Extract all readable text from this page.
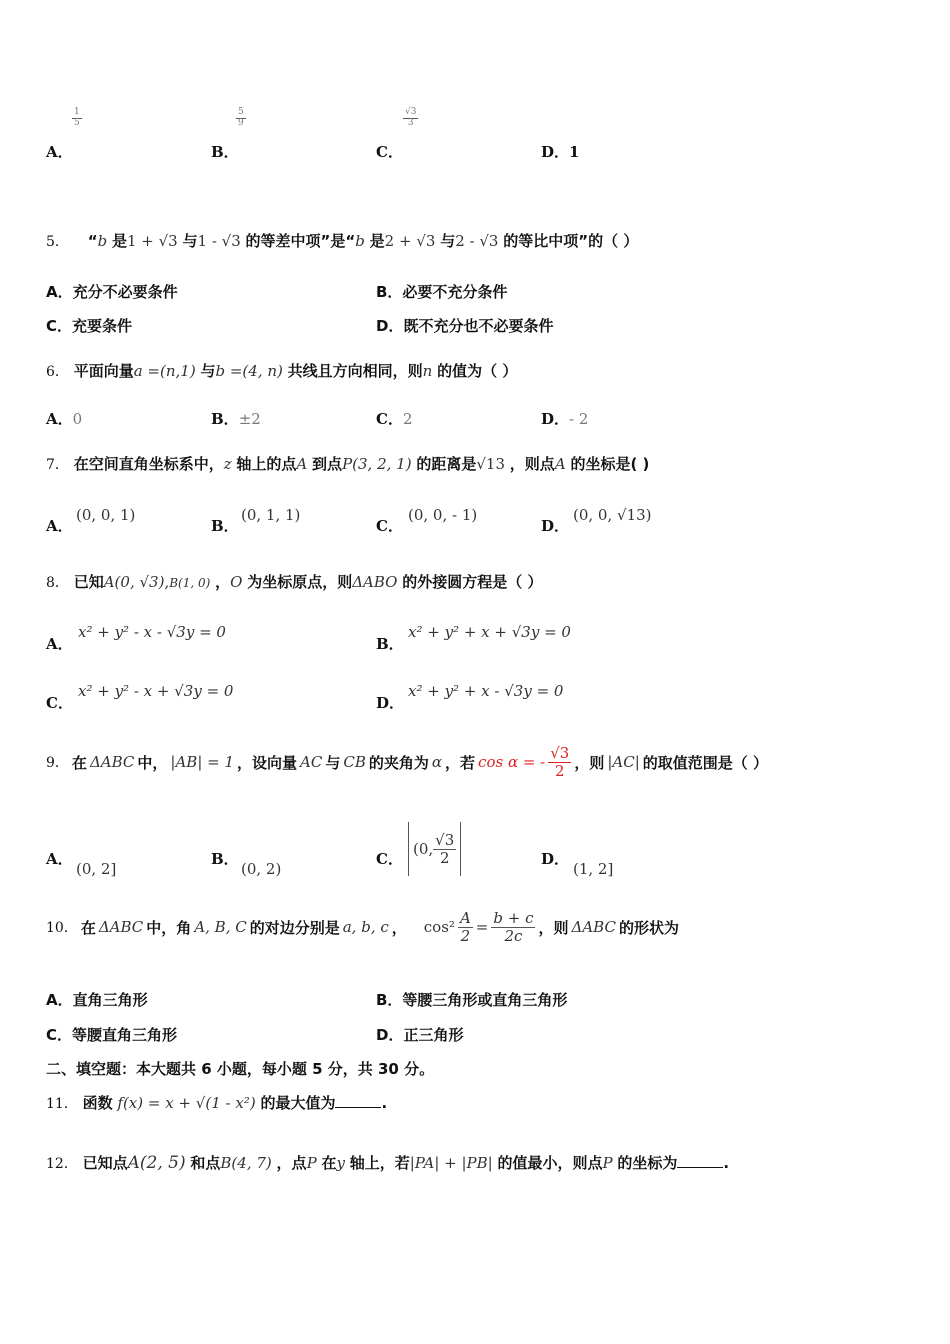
A．
$\frac{1}{5}$
B．
$\frac{5}{9}$
C．
$\frac{√3}{3}$
D．1
5． “b 是1 + √3 与1 - √3 的等差中项”是“b 是2 + √3 与2 - √3 的等比中项”的（ ）
A．充分不必要条件	B．必要不充分条件
C．充要条件	D．既不充分也不必要条件
6． 平面向量a =(n,1) 与b =(4, n) 共线且方向相同，则n 的值为（ ）
A．0	B．±2	C．2	D．- 2
7． 在空间直角坐标系中，z 轴上的点A 到点P(3, 2, 1) 的距离是√13 ，则点A 的坐标是( )
A．
(0, 0, 1)
B．
(0, 1, 1)
C．
(0, 0, - 1)
D．
(0, 0, √13)
8． 已知A(0, √3),B(1, 0) ，O 为坐标原点，则ΔABO 的外接圆方程是（ ）
A．
x² + y² - x - √3y = 0
B．
x² + y² + x + √3y = 0
C．
x² + y² - x + √3y = 0
D．
x² + y² + x - √3y = 0
9． 在 ΔABC 中， |AB| = 1 ，设向量 AC 与 CB 的夹角为 α ，若 cos α = - $\frac{√3}{2}$ ，则 |AC| 的取值范围是（ ）
A．
(0, 2]
B．
(0, 2)
C．
(0, $\frac{√3}{2}$	D．
(1, 2]
10． 在 ΔABC 中，角 A, B, C 的对边分别是 a, b, c ， $\cos^2 \frac{A}{2} = \frac{b + c}{2c}$ ，则 ΔABC 的形状为
A．直角三角形	B．等腰三角形或直角三角形
C．等腰直角三角形	D．正三角形
二、填空题：本大题共 6 小题，每小题 5 分，共 30 分。
11． 函数 f(x) = x + √(1 - x²) 的最大值为	.
12． 已知点A(2, 5) 和点B(4, 7) ，点P 在y 轴上，若|PA| + |PB| 的值最小，则点P 的坐标为	.
